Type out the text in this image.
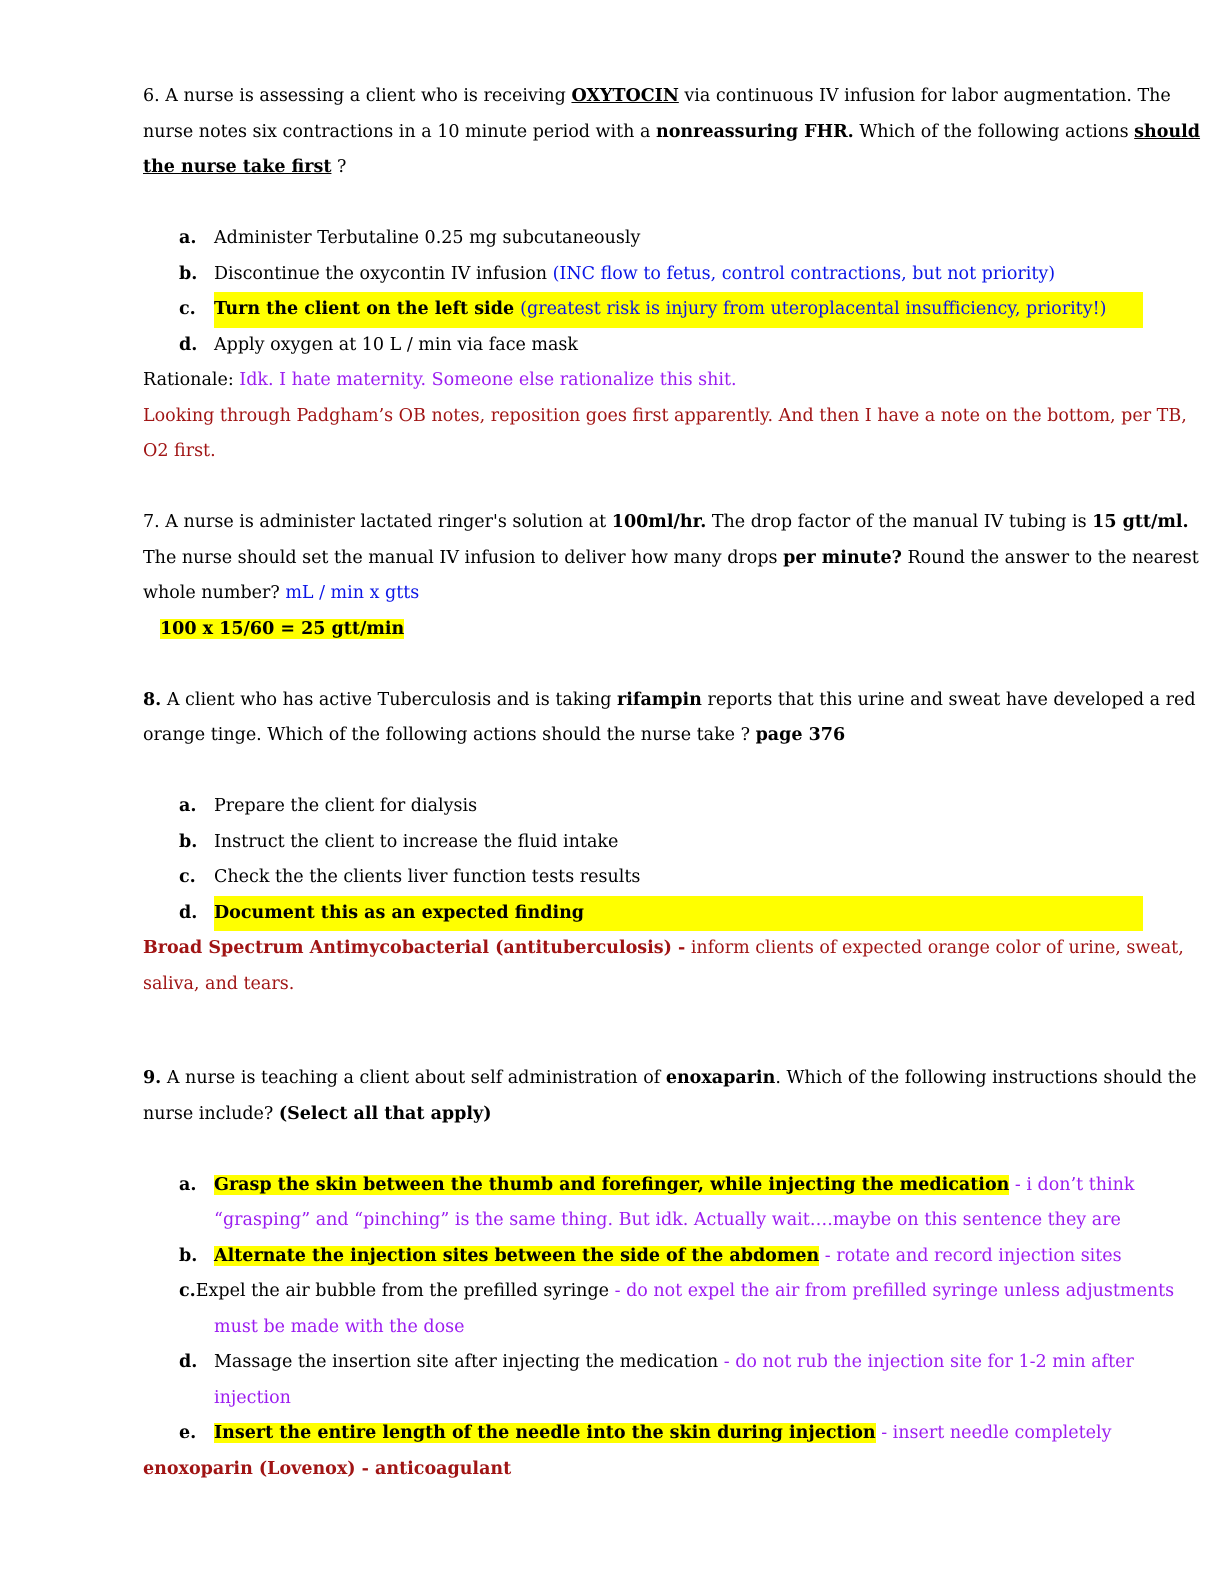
6. A nurse is assessing a client who is receiving OXYTOCIN via continuous IV infusion for labor augmentation. The
nurse notes six contractions in a 10 minute period with a nonreassuring FHR. Which of the following actions should
the nurse take first ?
a.	Administer Terbutaline 0.25 mg subcutaneously
b. Discontinue the oxycontin IV infusion (INC flow to fetus, control contractions, but not priority)
c.	Turn the client on the left side (greatest risk is injury from uteroplacental insufficiency, priority!)
d. Apply oxygen at 10 L / min via face mask
Rationale: Idk. I hate maternity. Someone else rationalize this shit.
Looking through Padgham’s OB notes, reposition goes first apparently. And then I have a note on the bottom, per TB,
O2 first.
7. A nurse is administer lactated ringer's solution at 100ml/hr. The drop factor of the manual IV tubing is 15 gtt/ml.
The nurse should set the manual IV infusion to deliver how many drops per minute? Round the answer to the nearest
whole number? mL / min x gtts
100 x 15/60 = 25 gtt/min
8. A client who has active Tuberculosis and is taking rifampin reports that this urine and sweat have developed a red
orange tinge. Which of the following actions should the nurse take ? page 376
a.	Prepare the client for dialysis
b. Instruct the client to increase the fluid intake
c.	Check the the clients liver function tests results
d. Document this as an expected finding
Broad Spectrum Antimycobacterial (antituberculosis) - inform clients of expected orange color of urine, sweat,
saliva, and tears.
9. A nurse is teaching a client about self administration of enoxaparin. Which of the following instructions should the
nurse include? (Select all that apply)
a.	Grasp the skin between the thumb and forefinger, while injecting the medication - i don’t think
“grasping” and “pinching” is the same thing. But idk. Actually wait….maybe on this sentence they are
b. Alternate the injection sites between the side of the abdomen - rotate and record injection sites
c. Expel the air bubble from the prefilled syringe - do not expel the air from prefilled syringe unless adjustments
must be made with the dose
d. Massage the insertion site after injecting the medication - do not rub the injection site for 1-2 min after
injection
e.	Insert the entire length of the needle into the skin during injection - insert needle completely
enoxoparin (Lovenox) - anticoagulant
